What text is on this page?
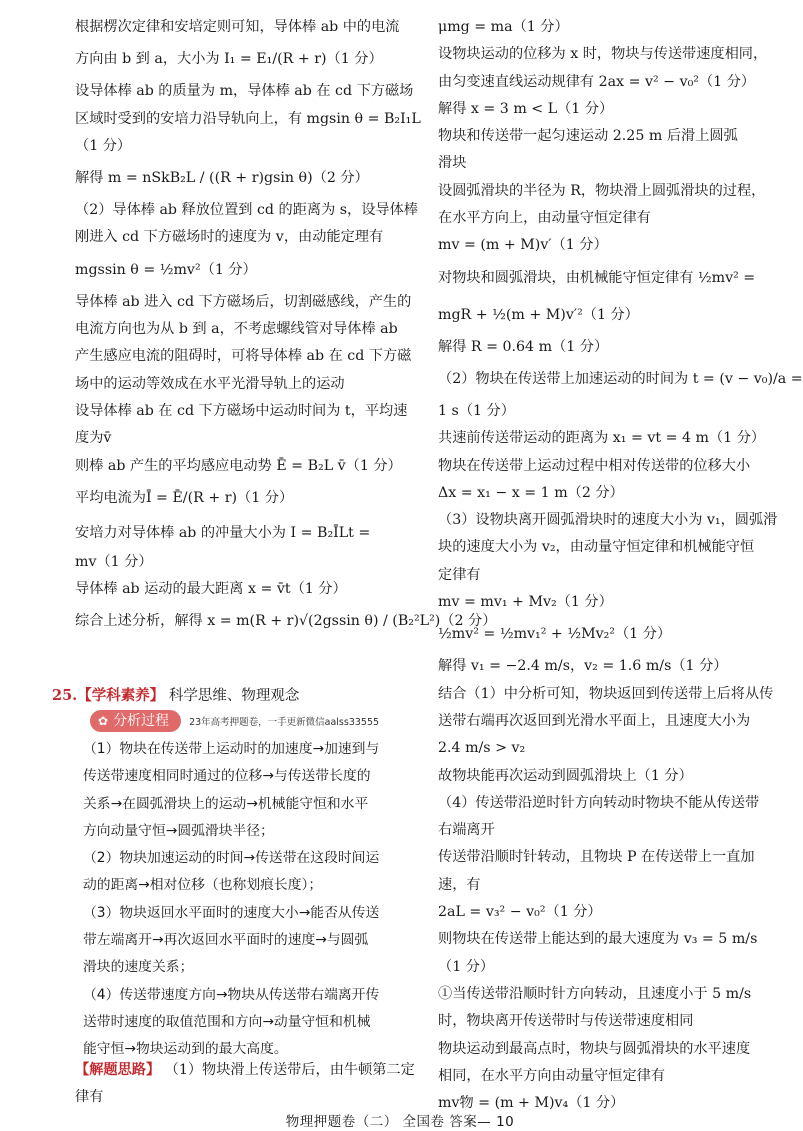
根据楞次定律和安培定则可知，导体棒 ab 中的电流
方向由 b 到 a，大小为 I₁ = E₁/(R + r)（1 分）
设导体棒 ab 的质量为 m，导体棒 ab 在 cd 下方磁场
区域时受到的安培力沿导轨向上，有 mgsin θ = B₂I₁L
（1 分）
解得 m = nSkB₂L / ((R + r)gsin θ)（2 分）
（2）导体棒 ab 释放位置到 cd 的距离为 s，设导体棒
刚进入 cd 下方磁场时的速度为 v，由动能定理有
mgssin θ = ½mv²（1 分）
导体棒 ab 进入 cd 下方磁场后，切割磁感线，产生的
电流方向也为从 b 到 a，不考虑螺线管对导体棒 ab
产生感应电流的阻碍时，可将导体棒 ab 在 cd 下方磁
场中的运动等效成在水平光滑导轨上的运动
设导体棒 ab 在 cd 下方磁场中运动时间为 t，平均速
度为v̄
则棒 ab 产生的平均感应电动势 Ē = B₂L v̄（1 分）
平均电流为Ī = Ē/(R + r)（1 分）
安培力对导体棒 ab 的冲量大小为 I = B₂ĪLt =
mv（1 分）
导体棒 ab 运动的最大距离 x = v̄t（1 分）
综合上述分析，解得 x = m(R + r)√(2gssin θ) / (B₂²L²)（2 分）
25.【学科素养】 科学思维、物理观念
✿ 分析过程 23年高考押题卷，一手更新微信aalss33555
（1）物块在传送带上运动时的加速度→加速到与
传送带速度相同时通过的位移→与传送带长度的
关系→在圆弧滑块上的运动→机械能守恒和水平
方向动量守恒→圆弧滑块半径；
（2）物块加速运动的时间→传送带在这段时间运
动的距离→相对位移（也称划痕长度）；
（3）物块返回水平面时的速度大小→能否从传送
带左端离开→再次返回水平面时的速度→与圆弧
滑块的速度关系；
（4）传送带速度方向→物块从传送带右端离开传
送带时速度的取值范围和方向→动量守恒和机械
能守恒→物块运动到的最大高度。
【解题思路】 （1）物块滑上传送带后，由牛顿第二定
律有
μmg = ma（1 分）
设物块运动的位移为 x 时，物块与传送带速度相同，
由匀变速直线运动规律有 2ax = v² − v₀²（1 分）
解得 x = 3 m < L（1 分）
物块和传送带一起匀速运动 2.25 m 后滑上圆弧
滑块
设圆弧滑块的半径为 R，物块滑上圆弧滑块的过程，
在水平方向上，由动量守恒定律有
mv = (m + M)v′（1 分）
对物块和圆弧滑块，由机械能守恒定律有 ½mv² =
mgR + ½(m + M)v′²（1 分）
解得 R = 0.64 m（1 分）
（2）物块在传送带上加速运动的时间为 t = (v − v₀)/a =
1 s（1 分）
共速前传送带运动的距离为 x₁ = vt = 4 m（1 分）
物块在传送带上运动过程中相对传送带的位移大小
Δx = x₁ − x = 1 m（2 分）
（3）设物块离开圆弧滑块时的速度大小为 v₁，圆弧滑
块的速度大小为 v₂，由动量守恒定律和机械能守恒
定律有
mv = mv₁ + Mv₂（1 分）
½mv² = ½mv₁² + ½Mv₂²（1 分）
解得 v₁ = −2.4 m/s，v₂ = 1.6 m/s（1 分）
结合（1）中分析可知，物块返回到传送带上后将从传
送带右端再次返回到光滑水平面上，且速度大小为
2.4 m/s > v₂
故物块能再次运动到圆弧滑块上（1 分）
（4）传送带沿逆时针方向转动时物块不能从传送带
右端离开
传送带沿顺时针转动，且物块 P 在传送带上一直加
速，有
2aL = v₃² − v₀²（1 分）
则物块在传送带上能达到的最大速度为 v₃ = 5 m/s
（1 分）
①当传送带沿顺时针方向转动，且速度小于 5 m/s
时，物块离开传送带时与传送带速度相同
物块运动到最高点时，物块与圆弧滑块的水平速度
相同，在水平方向由动量守恒定律有
mv物 = (m + M)v₄（1 分）
物理押题卷（二） 全国卷 答案— 10
